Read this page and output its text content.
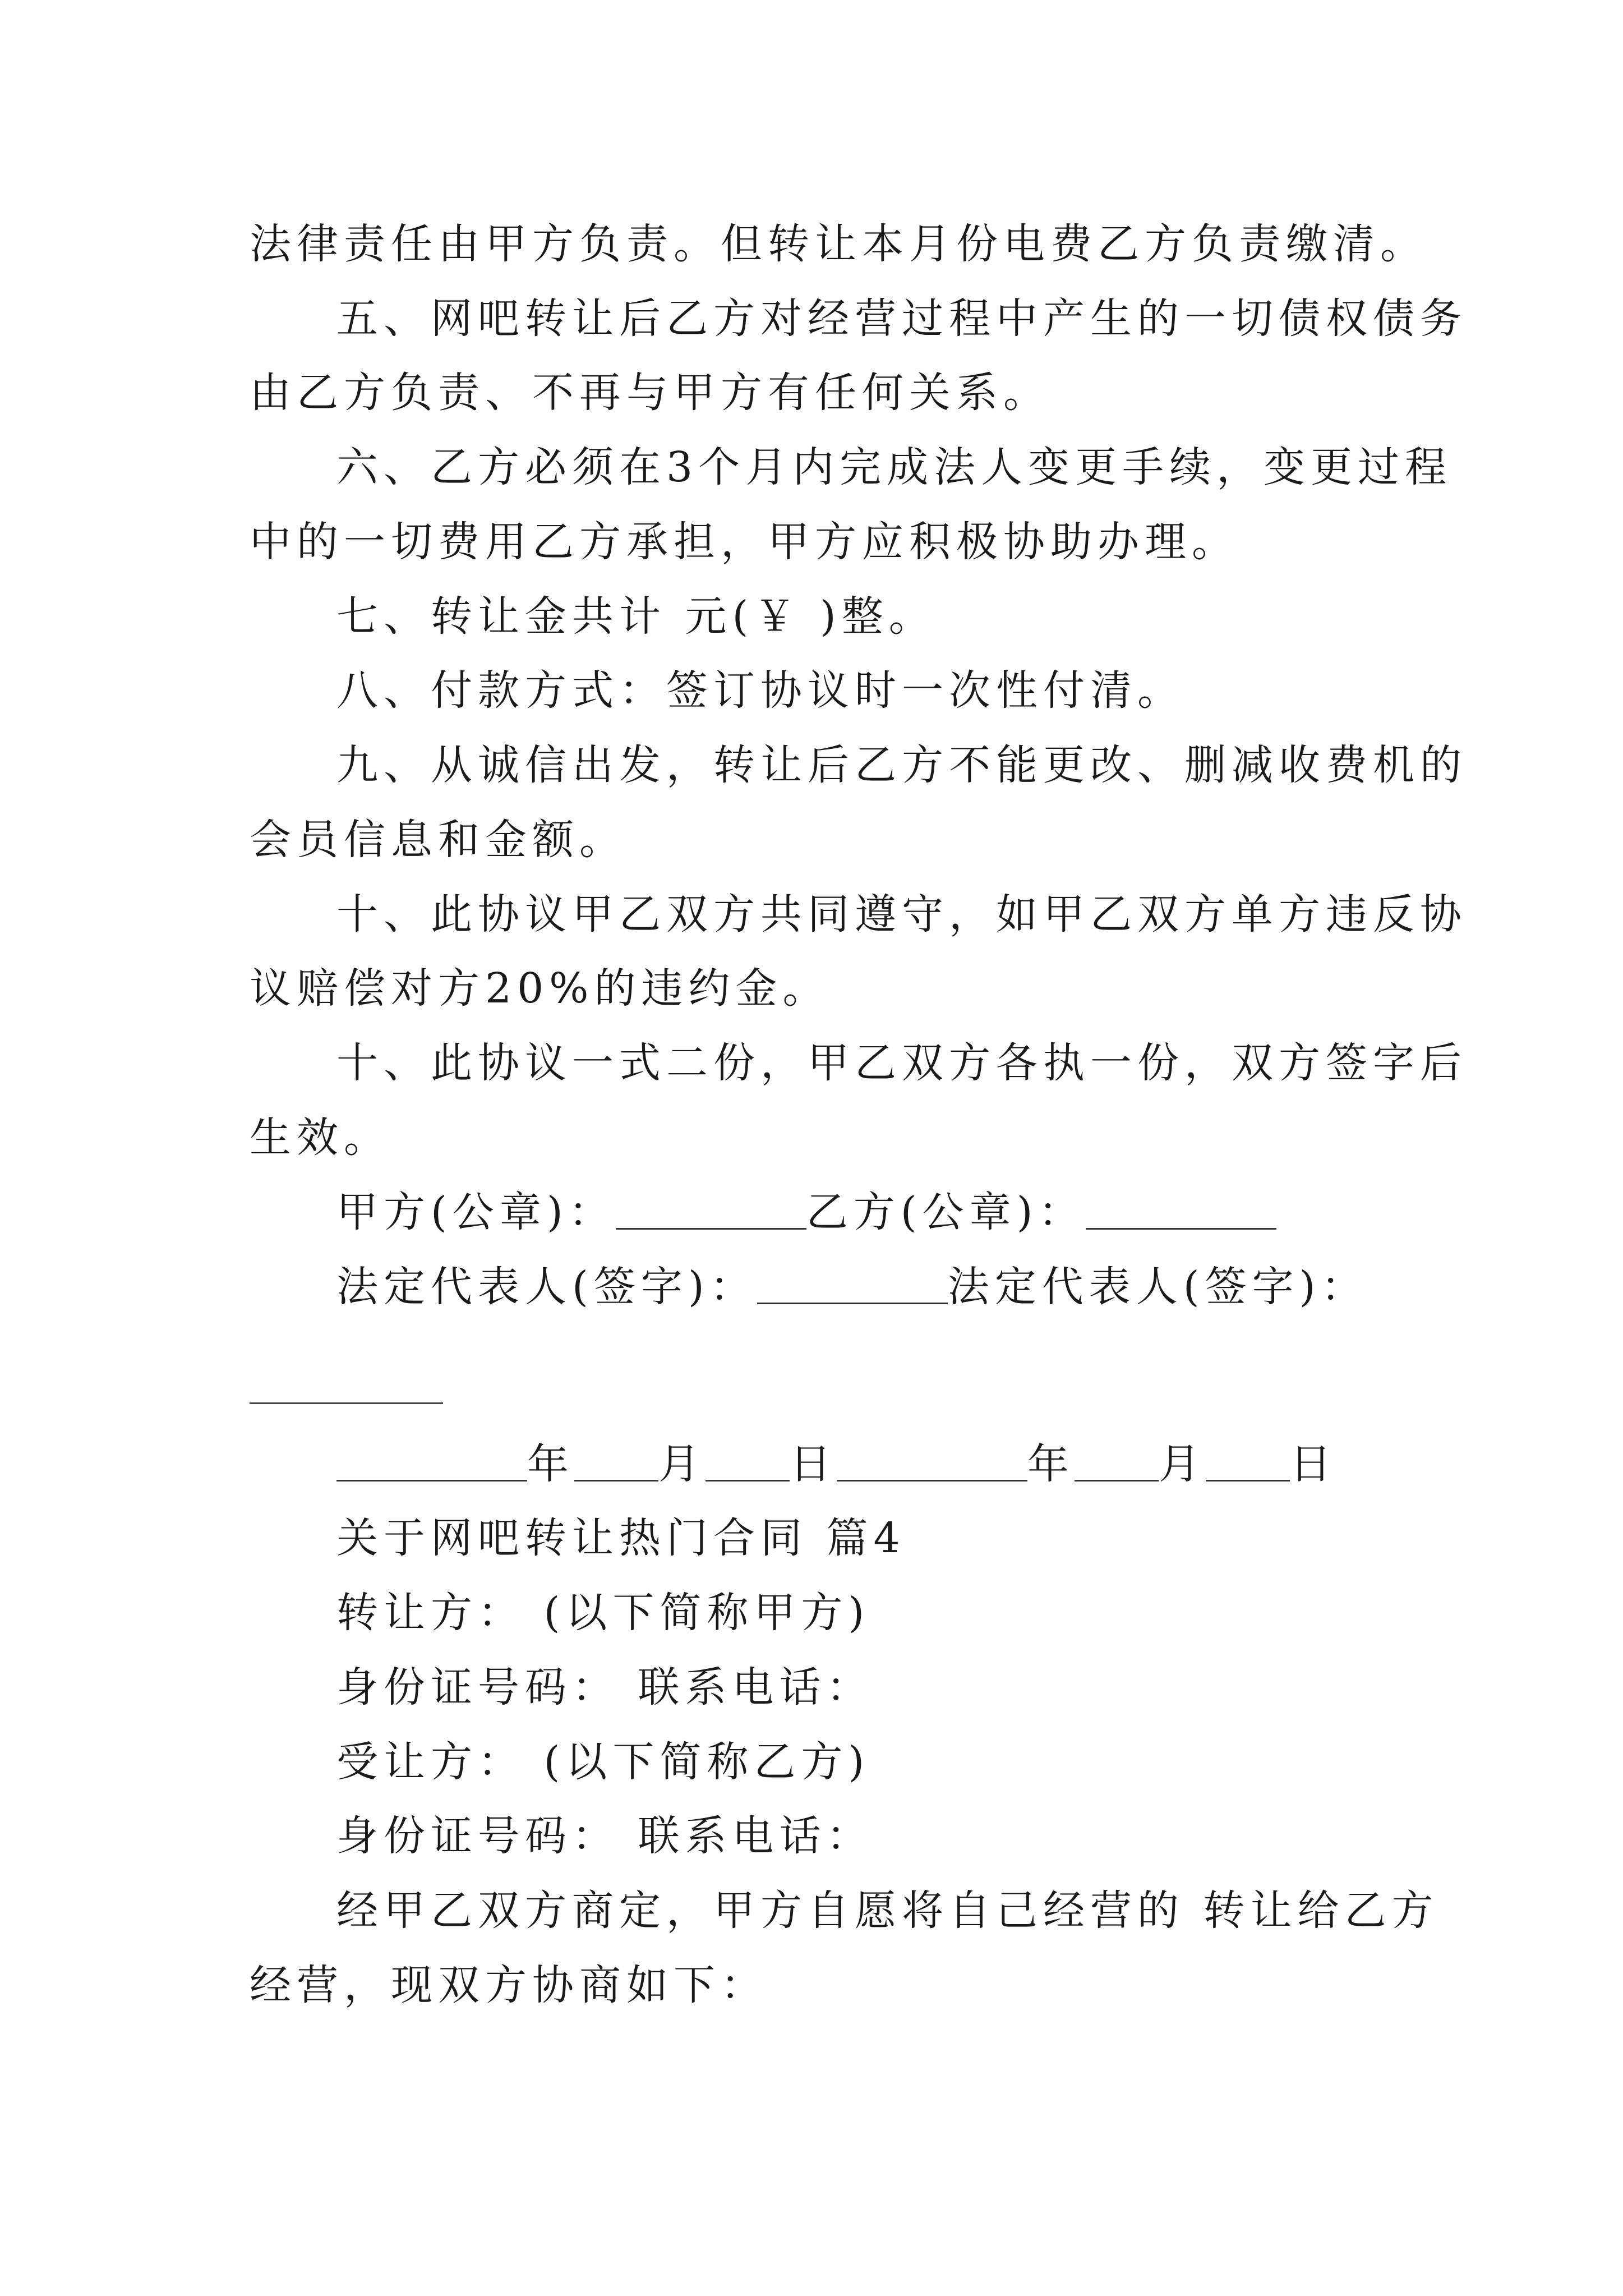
法律责任由甲方负责。但转让本月份电费乙方负责缴清。
五、网吧转让后乙方对经营过程中产生的一切债权债务
由乙方负责、不再与甲方有任何关系。
六、乙方必须在3个月内完成法人变更手续，变更过程
中的一切费用乙方承担，甲方应积极协助办理。
七、转让金共计 元(￥ )整。
八、付款方式：签订协议时一次性付清。
九、从诚信出发，转让后乙方不能更改、删减收费机的
会员信息和金额。
十、此协议甲乙双方共同遵守，如甲乙双方单方违反协
议赔偿对方20%的违约金。
十、此协议一式二份，甲乙双方各执一份，双方签字后
生效。
甲方(公章)：	乙方(公章)：
法定代表人(签字)：	法定代表人(签字)：
年 月 日	年 月 日
关于网吧转让热门合同 篇4
转让方： (以下简称甲方)
身份证号码： 联系电话：
受让方： (以下简称乙方)
身份证号码： 联系电话：
经甲乙双方商定，甲方自愿将自己经营的 转让给乙方
经营，现双方协商如下：
